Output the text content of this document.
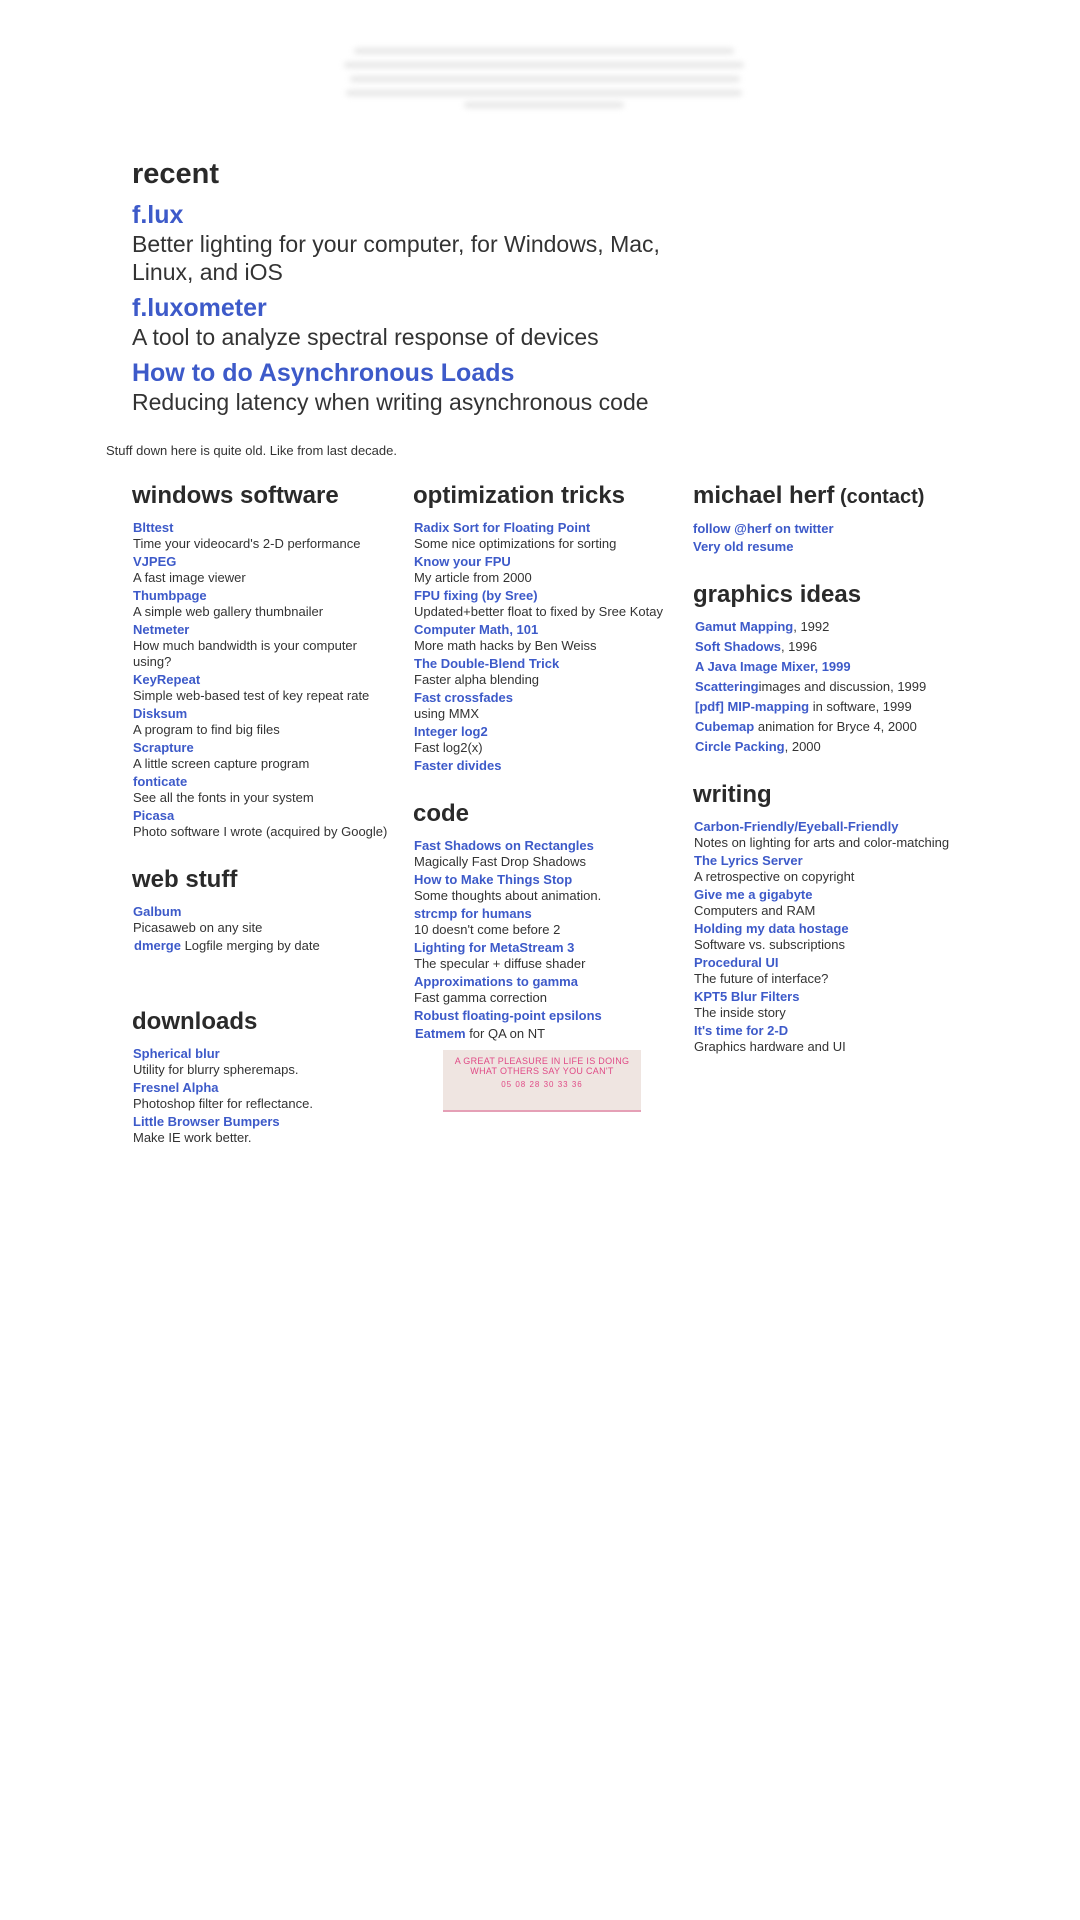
recent
f.lux
Better lighting for your computer, for Windows, Mac, Linux, and iOS
f.luxometer
A tool to analyze spectral response of devices
How to do Asynchronous Loads
Reducing latency when writing asynchronous code
Stuff down here is quite old. Like from last decade.
windows software
Blttest
Time your videocard's 2-D performance
VJPEG
A fast image viewer
Thumbpage
A simple web gallery thumbnailer
Netmeter
How much bandwidth is your computer using?
KeyRepeat
Simple web-based test of key repeat rate
Disksum
A program to find big files
Scrapture
A little screen capture program
fonticate
See all the fonts in your system
Picasa
Photo software I wrote (acquired by Google)
web stuff
Galbum
Picasaweb on any site
dmerge Logfile merging by date
downloads
Spherical blur
Utility for blurry spheremaps.
Fresnel Alpha
Photoshop filter for reflectance.
Little Browser Bumpers
Make IE work better.
optimization tricks
Radix Sort for Floating Point
Some nice optimizations for sorting
Know your FPU
My article from 2000
FPU fixing (by Sree)
Updated+better float to fixed by Sree Kotay
Computer Math, 101
More math hacks by Ben Weiss
The Double-Blend Trick
Faster alpha blending
Fast crossfades
using MMX
Integer log2
Fast log2(x)
Faster divides
code
Fast Shadows on Rectangles
Magically Fast Drop Shadows
How to Make Things Stop
Some thoughts about animation.
strcmp for humans
10 doesn't come before 2
Lighting for MetaStream 3
The specular + diffuse shader
Approximations to gamma
Fast gamma correction
Robust floating-point epsilons
Eatmem for QA on NT
A GREAT PLEASURE IN LIFE IS DOING WHAT OTHERS SAY YOU CAN'T
05 08 28 30 33 36
michael herf (contact)
follow @herf on twitter
Very old resume
graphics ideas
Gamut Mapping, 1992
Soft Shadows, 1996
A Java Image Mixer, 1999
Scatteringimages and discussion, 1999
[pdf] MIP-mapping in software, 1999
Cubemap animation for Bryce 4, 2000
Circle Packing, 2000
writing
Carbon-Friendly/Eyeball-Friendly
Notes on lighting for arts and color-matching
The Lyrics Server
A retrospective on copyright
Give me a gigabyte
Computers and RAM
Holding my data hostage
Software vs. subscriptions
Procedural UI
The future of interface?
KPT5 Blur Filters
The inside story
It's time for 2-D
Graphics hardware and UI
